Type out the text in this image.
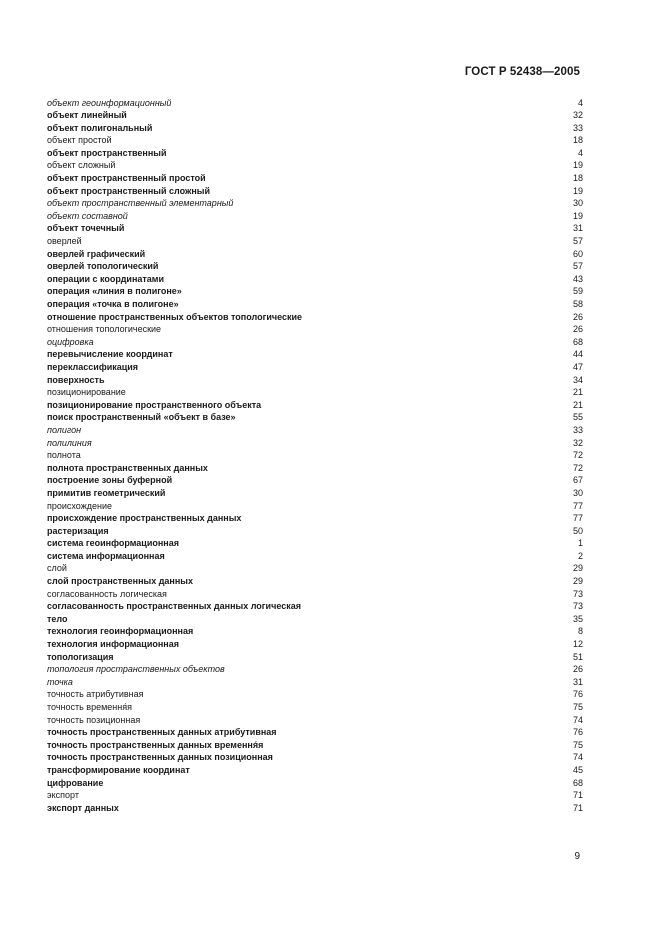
ГОСТ Р 52438—2005
объект геоинформационный	4
объект линейный	32
объект полигональный	33
объект простой	18
объект пространственный	4
объект сложный	19
объект пространственный простой	18
объект пространственный сложный	19
объект пространственный элементарный	30
объект составной	19
объект точечный	31
оверлей	57
оверлей графический	60
оверлей топологический	57
операции с координатами	43
операция «линия в полигоне»	59
операция «точка в полигоне»	58
отношение пространственных объектов топологические	26
отношения топологические	26
оцифровка	68
перевычисление координат	44
переклассификация	47
поверхность	34
позиционирование	21
позиционирование пространственного объекта	21
поиск пространственный «объект в базе»	55
полигон	33
полилиния	32
полнота	72
полнота пространственных данных	72
построение зоны буферной	67
примитив геометрический	30
происхождение	77
происхождение пространственных данных	77
растеризация	50
система геоинформационная	1
система информационная	2
слой	29
слой пространственных данных	29
согласованность логическая	73
согласованность пространственных данных логическая	73
тело	35
технология геоинформационная	8
технология информационная	12
топологизация	51
топология пространственных объектов	26
точка	31
точность атрибутивная	76
точность времення́я	75
точность позиционная	74
точность пространственных данных атрибутивная	76
точность пространственных данных времення́я	75
точность пространственных данных позиционная	74
трансформирование координат	45
цифрование	68
экспорт	71
экспорт данных	71
9
